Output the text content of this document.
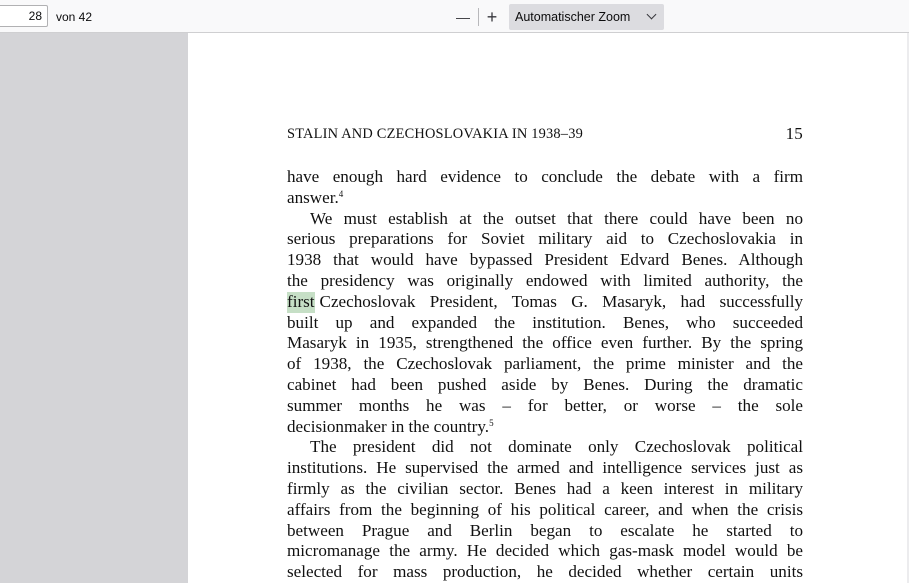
28	von 42	— +	Automatischer Zoom
STALIN AND CZECHOSLOVAKIA IN 1938–39	15
have enough hard evidence to conclude the debate with a firm
answer.$^4$
We must establish at the outset that there could have been no
serious preparations for Soviet military aid to Czechoslovakia in
1938 that would have bypassed President Edvard Benes. Although
the presidency was originally endowed with limited authority, the
first Czechoslovak President, Tomas G. Masaryk, had successfully
built up and expanded the institution. Benes, who succeeded
Masaryk in 1935, strengthened the office even further. By the spring
of 1938, the Czechoslovak parliament, the prime minister and the
cabinet had been pushed aside by Benes. During the dramatic
summer months he was – for better, or worse – the sole
decisionmaker in the country.$^5$
The president did not dominate only Czechoslovak political
institutions. He supervised the armed and intelligence services just as
firmly as the civilian sector. Benes had a keen interest in military
affairs from the beginning of his political career, and when the crisis
between Prague and Berlin began to escalate he started to
micromanage the army. He decided which gas-mask model would be
selected for mass production, he decided whether certain units
